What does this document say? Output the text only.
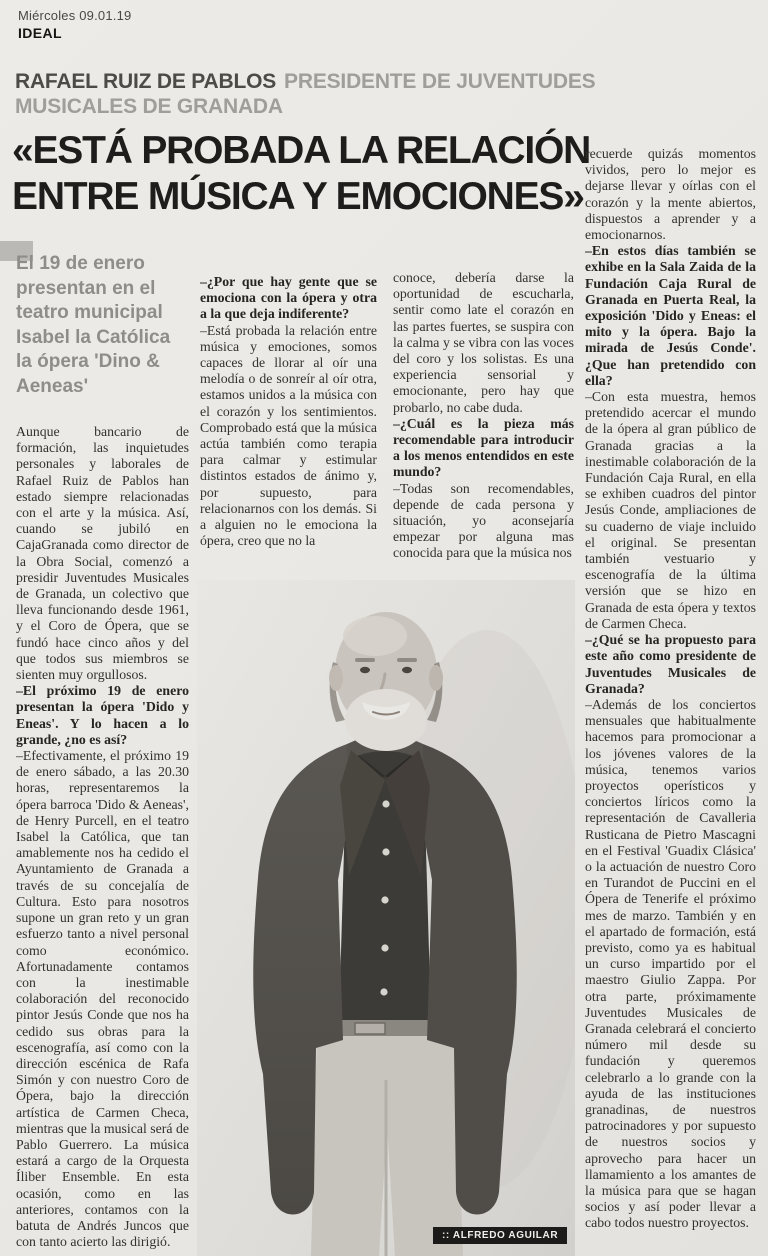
Miércoles 09.01.19
IDEAL
RAFAEL RUIZ DE PABLOS PRESIDENTE DE JUVENTUDES MUSICALES DE GRANADA
«ESTÁ PROBADA LA RELACIÓN
ENTRE MÚSICA Y EMOCIONES»
El 19 de enero presentan en el teatro municipal Isabel la Católica la ópera 'Dino & Aeneas'

Aunque bancario de formación, las inquietudes personales y laborales de Rafael Ruiz de Pablos han estado siempre relacionadas con el arte y la música. Así, cuando se jubiló en CajaGranada como director de la Obra Social, comenzó a presidir Juventudes Musicales de Granada, un colectivo que lleva funcionando desde 1961, y el Coro de Ópera, que se fundó hace cinco años y del que todos sus miembros se sienten muy orgullosos.

–El próximo 19 de enero presentan la ópera 'Dido y Eneas'. Y lo hacen a lo grande, ¿no es así?

–Efectivamente, el próximo 19 de enero sábado, a las 20.30 horas, representaremos la ópera barroca 'Dido & Aeneas', de Henry Purcell, en el teatro Isabel la Católica, que tan amablemente nos ha cedido el Ayuntamiento de Granada a través de su concejalía de Cultura. Esto para nosotros supone un gran reto y un gran esfuerzo tanto a nivel personal como económico. Afortunadamente contamos con la inestimable colaboración del reconocido pintor Jesús Conde que nos ha cedido sus obras para la escenografía, así como con la dirección escénica de Rafa Simón y con nuestro Coro de Ópera, bajo la dirección artística de Carmen Checa, mientras que la musical será de Pablo Guerrero. La música estará a cargo de la Orquesta Íliber Ensemble. En esta ocasión, como en las anteriores, contamos con la batuta de Andrés Juncos que con tanto acierto las dirigió.

–¿Por que hay gente que se emociona con la ópera y otra a la que deja indiferente?

–Está probada la relación entre música y emociones, somos capaces de llorar al oír una melodía o de sonreír al oír otra, estamos unidos a la música con el corazón y los sentimientos. Comprobado está que la música actúa también como terapia para calmar y estimular distintos estados de ánimo y, por supuesto, para relacionarnos con los demás. Si a alguien no le emociona la ópera, creo que no la

conoce, debería darse la oportunidad de escucharla, sentir como late el corazón en las partes fuertes, se suspira con la calma y se vibra con las voces del coro y los solistas. Es una experiencia sensorial y emocionante, pero hay que probarlo, no cabe duda.

–¿Cuál es la pieza más recomendable para introducir a los menos entendidos en este mundo?

–Todas son recomendables, depende de cada persona y situación, yo aconsejaría empezar por alguna mas conocida para que la música nos

recuerde quizás momentos vividos, pero lo mejor es dejarse llevar y oírlas con el corazón y la mente abiertos, dispuestos a aprender y a emocionarnos.

–En estos días también se exhibe en la Sala Zaida de la Fundación Caja Rural de Granada en Puerta Real, la exposición 'Dido y Eneas: el mito y la ópera. Bajo la mirada de Jesús Conde'. ¿Que han pretendido con ella?

–Con esta muestra, hemos pretendido acercar el mundo de la ópera al gran público de Granada gracias a la inestimable colaboración de la Fundación Caja Rural, en ella se exhiben cuadros del pintor Jesús Conde, ampliaciones de su cuaderno de viaje incluido el original. Se presentan también vestuario y escenografía de la última versión que se hizo en Granada de esta ópera y textos de Carmen Checa.

–¿Qué se ha propuesto para este año como presidente de Juventudes Musicales de Granada?

–Además de los conciertos mensuales que habitualmente hacemos para promocionar a los jóvenes valores de la música, tenemos varios proyectos operísticos y conciertos líricos como la representación de Cavalleria Rusticana de Pietro Mascagni en el Festival 'Guadix Clásica' o la actuación de nuestro Coro en Turandot de Puccini en el Ópera de Tenerife el próximo mes de marzo. También y en el apartado de formación, está previsto, como ya es habitual un curso impartido por el maestro Giulio Zappa. Por otra parte, próximamente Juventudes Musicales de Granada celebrará el concierto número mil desde su fundación y queremos celebrarlo a lo grande con la ayuda de las instituciones granadinas, de nuestros patrocinadores y por supuesto de nuestros socios y aprovecho para hacer un llamamiento a los amantes de la música para que se hagan socios y así poder llevar a cabo todos nuestro proyectos.

:: ALFREDO AGUILAR
